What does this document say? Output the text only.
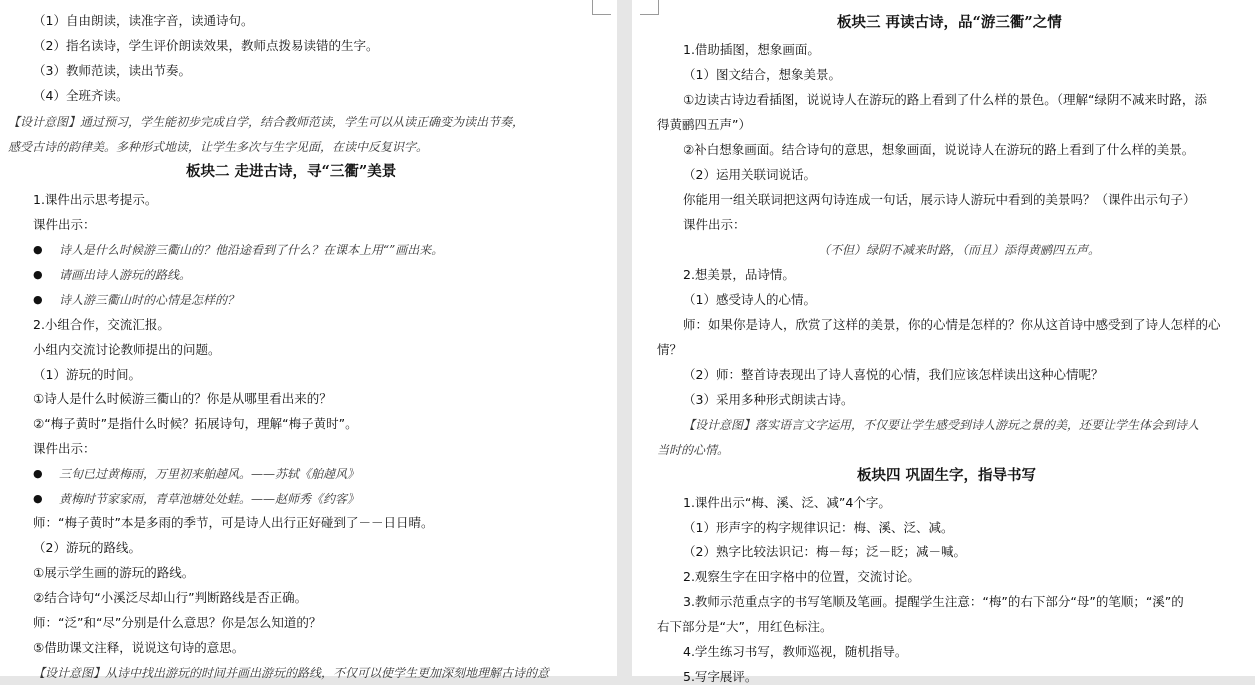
（1）自由朗读，读准字音，读通诗句。
（2）指名读诗，学生评价朗读效果，教师点拨易读错的生字。
（3）教师范读，读出节奏。
（4）全班齐读。
【设计意图】通过预习，学生能初步完成自学，结合教师范读，学生可以从读正确变为读出节奏，
感受古诗的韵律美。多种形式地读，让学生多次与生字见面，在读中反复识字。
板块二 走进古诗，寻“三衢”美景
1.课件出示思考提示。
课件出示：
● 诗人是什么时候游三衢山的？他沿途看到了什么？在课本上用“”画出来。
● 请画出诗人游玩的路线。
● 诗人游三衢山时的心情是怎样的？
2.小组合作，交流汇报。
小组内交流讨论教师提出的问题。
（1）游玩的时间。
①诗人是什么时候游三衢山的？你是从哪里看出来的？
②“梅子黄时”是指什么时候？拓展诗句，理解“梅子黄时”。
课件出示：
● 三旬已过黄梅雨，万里初来舶趠风。——苏轼《舶趠风》
● 黄梅时节家家雨，青草池塘处处蛙。——赵师秀《约客》
师：“梅子黄时”本是多雨的季节，可是诗人出行正好碰到了－－日日晴。
（2）游玩的路线。
①展示学生画的游玩的路线。
②结合诗句“小溪泛尽却山行”判断路线是否正确。
师：“泛”和“尽”分别是什么意思？你是怎么知道的？
⑤借助课文注释，说说这句诗的意思。
【设计意图】从诗中找出游玩的时间并画出游玩的路线，不仅可以使学生更加深刻地理解古诗的意
板块三 再读古诗，品“游三衢”之情
1.借助插图，想象画面。
（1）图文结合，想象美景。
①边读古诗边看插图，说说诗人在游玩的路上看到了什么样的景色。（理解“绿阴不减来时路，添
得黄鹂四五声”）
②补白想象画面。结合诗句的意思，想象画面，说说诗人在游玩的路上看到了什么样的美景。
（2）运用关联词说话。
你能用一组关联词把这两句诗连成一句话，展示诗人游玩中看到的美景吗？（课件出示句子）
课件出示：
（不但）绿阴不减来时路，（而且）添得黄鹂四五声。
2.想美景，品诗情。
（1）感受诗人的心情。
师：如果你是诗人，欣赏了这样的美景，你的心情是怎样的？你从这首诗中感受到了诗人怎样的心
情？
（2）师：整首诗表现出了诗人喜悦的心情，我们应该怎样读出这种心情呢？
（3）采用多种形式朗读古诗。
【设计意图】落实语言文字运用，不仅要让学生感受到诗人游玩之景的美，还要让学生体会到诗人
当时的心情。
板块四 巩固生字，指导书写
1.课件出示“梅、溪、泛、减”4个字。
（1）形声字的构字规律识记：梅、溪、泛、减。
（2）熟字比较法识记：梅－每；泛－眨；减－喊。
2.观察生字在田字格中的位置，交流讨论。
3.教师示范重点字的书写笔顺及笔画。提醒学生注意：“梅”的右下部分“母”的笔顺；“溪”的
右下部分是“大”，用红色标注。
4.学生练习书写，教师巡视，随机指导。
5.写字展评。
